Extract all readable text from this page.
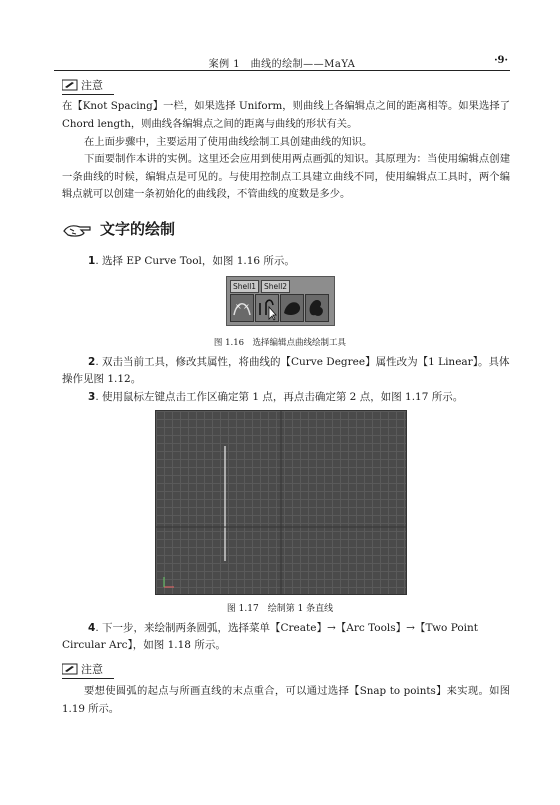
案例 1　曲线的绘制——MaYA	·9·
注意
在【Knot Spacing】一栏，如果选择 Uniform，则曲线上各编辑点之间的距离相等。如果选择了 Chord length，则曲线各编辑点之间的距离与曲线的形状有关。
在上面步骤中，主要运用了使用曲线绘制工具创建曲线的知识。
下面要制作本讲的实例。这里还会应用到使用两点画弧的知识。其原理为：当使用编辑点创建一条曲线的时候，编辑点是可见的。与使用控制点工具建立曲线不同，使用编辑点工具时，两个编辑点就可以创建一条初始化的曲线段，不管曲线的度数是多少。
文字的绘制
1. 选择 EP Curve Tool，如图 1.16 所示。
Shell1	Shell2
× ×
图 1.16　选择编辑点曲线绘制工具
2. 双击当前工具，修改其属性，将曲线的【Curve Degree】属性改为【1 Linear】。具体操作见图 1.12。
3. 使用鼠标左键点击工作区确定第 1 点，再点击确定第 2 点，如图 1.17 所示。
图 1.17　绘制第 1 条直线
4. 下一步，来绘制两条圆弧，选择菜单【Create】→【Arc Tools】→【Two Point Circular Arc】，如图 1.18 所示。
注意
要想使圆弧的起点与所画直线的末点重合，可以通过选择【Snap to points】来实现。如图 1.19 所示。
